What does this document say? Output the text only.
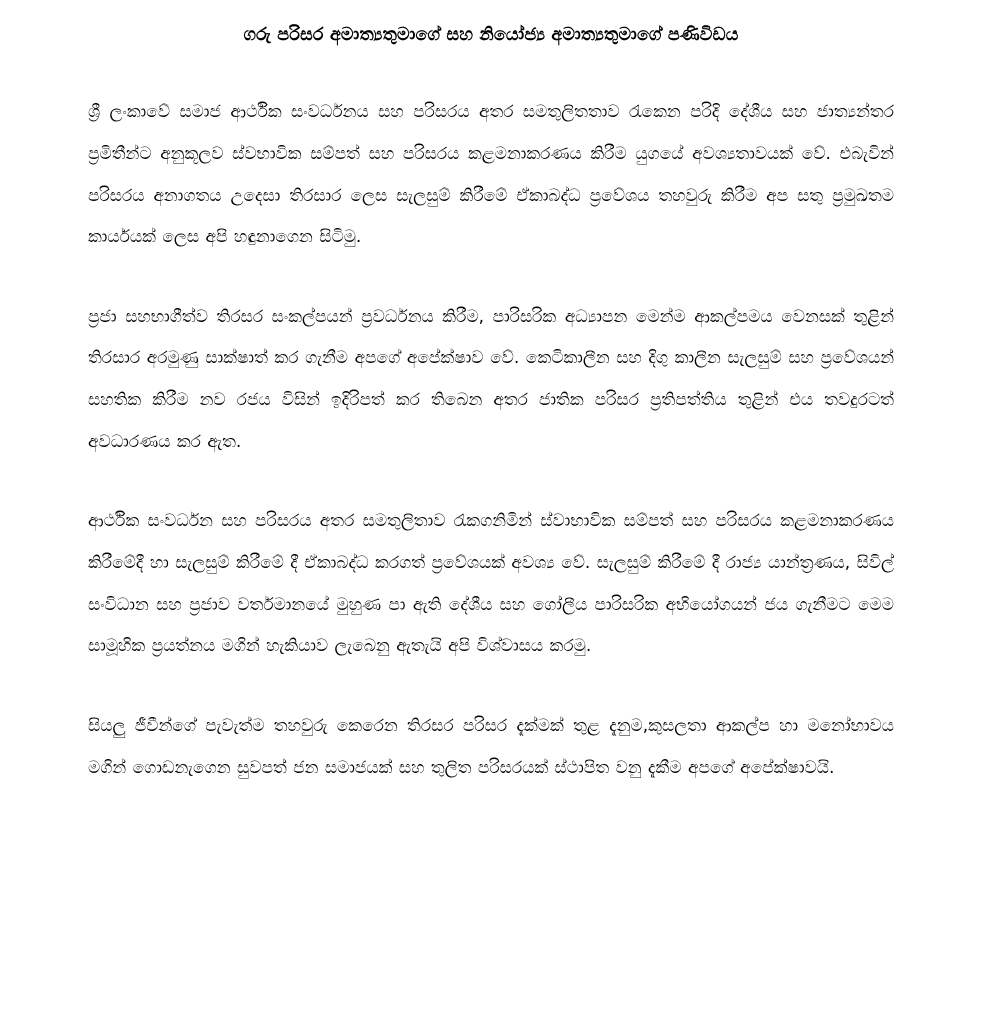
ගරු පරිසර අමාත්‍යතුමාගේ සහ නියෝජ්‍ය අමාත්‍යතුමාගේ පණිවිඩය

ශ්‍රී ලංකාවේ සමාජ ආර්ථික සංවර්ධනය සහ පරිසරය අතර සමතුලිතතාව රැකෙන පරිදි දේශීය සහ ජාත්‍යන්තර ප්‍රමිතීන්ට අනුකූලව ස්වභාවික සම්පත් සහ පරිසරය කළමනාකරණය කිරීම යුගයේ අවශ්‍යතාවයක් වේ. එබැවින් පරිසරය අනාගතය උදෙසා තිරසාර ලෙස සැලසුම් කිරීමේ ඒකාබද්ධ ප්‍රවේශය තහවුරු කිරීම අප සතු ප්‍රමුඛතම කාර්යයක් ලෙස අපි හඳුනාගෙන සිටිමු.

ප්‍රජා සහභාගීත්ව තිරසර සංකල්පයන් ප්‍රවර්ධනය කිරීම, පාරිසරික අධ්‍යාපන මෙන්ම ආකල්පමය වෙනසක් තුළින් තිරසාර අරමුණු සාක්ෂාත් කර ගැනීම අපගේ අපේක්ෂාව වේ. කෙටිකාලීන සහ දිගු කාලීන සැලසුම් සහ ප්‍රවේශයන් සහතික කිරීම නව රජය විසින් ඉදිරිපත් කර තිබෙන අතර ජාතික පරිසර ප්‍රතිපත්තිය තුළින් එය තවදුරටත් අවධාරණය කර ඇත.

ආර්ථික සංවර්ධන සහ පරිසරය අතර සමතුලිතාව රැකගනිමින් ස්වාභාවික සම්පත් සහ පරිසරය කළමනාකරණය කිරීමේදී හා සැලසුම් කිරීමේ දී ඒකාබද්ධ කරගත් ප්‍රවේශයක් අවශ්‍ය වේ. සැලසුම් කිරීමේ දී රාජ්‍ය යාන්ත්‍රණය, සිවිල් සංවිධාන සහ ප්‍රජාව වර්තමානයේ මුහුණ පා ඇති දේශීය සහ ගෝලීය පාරිසරික අභියෝගයන් ජය ගැනීමට මෙම සාමූහික ප්‍රයත්නය මගින් හැකියාව ලැබෙනු ඇතැයි අපි විශ්වාසය කරමු.

සියලු ජීවීන්ගේ පැවැත්ම තහවුරු කෙරෙන තිරසර පරිසර දැක්මක් තුළ දැනුම,කුසලතා ආකල්ප හා මනෝභාවය මගින් ගොඩනැගෙන සුවපත් ජන සමාජයක් සහ තුලිත පරිසරයක් ස්ථාපිත වනු දැකීම අපගේ අපේක්ෂාවයි.
